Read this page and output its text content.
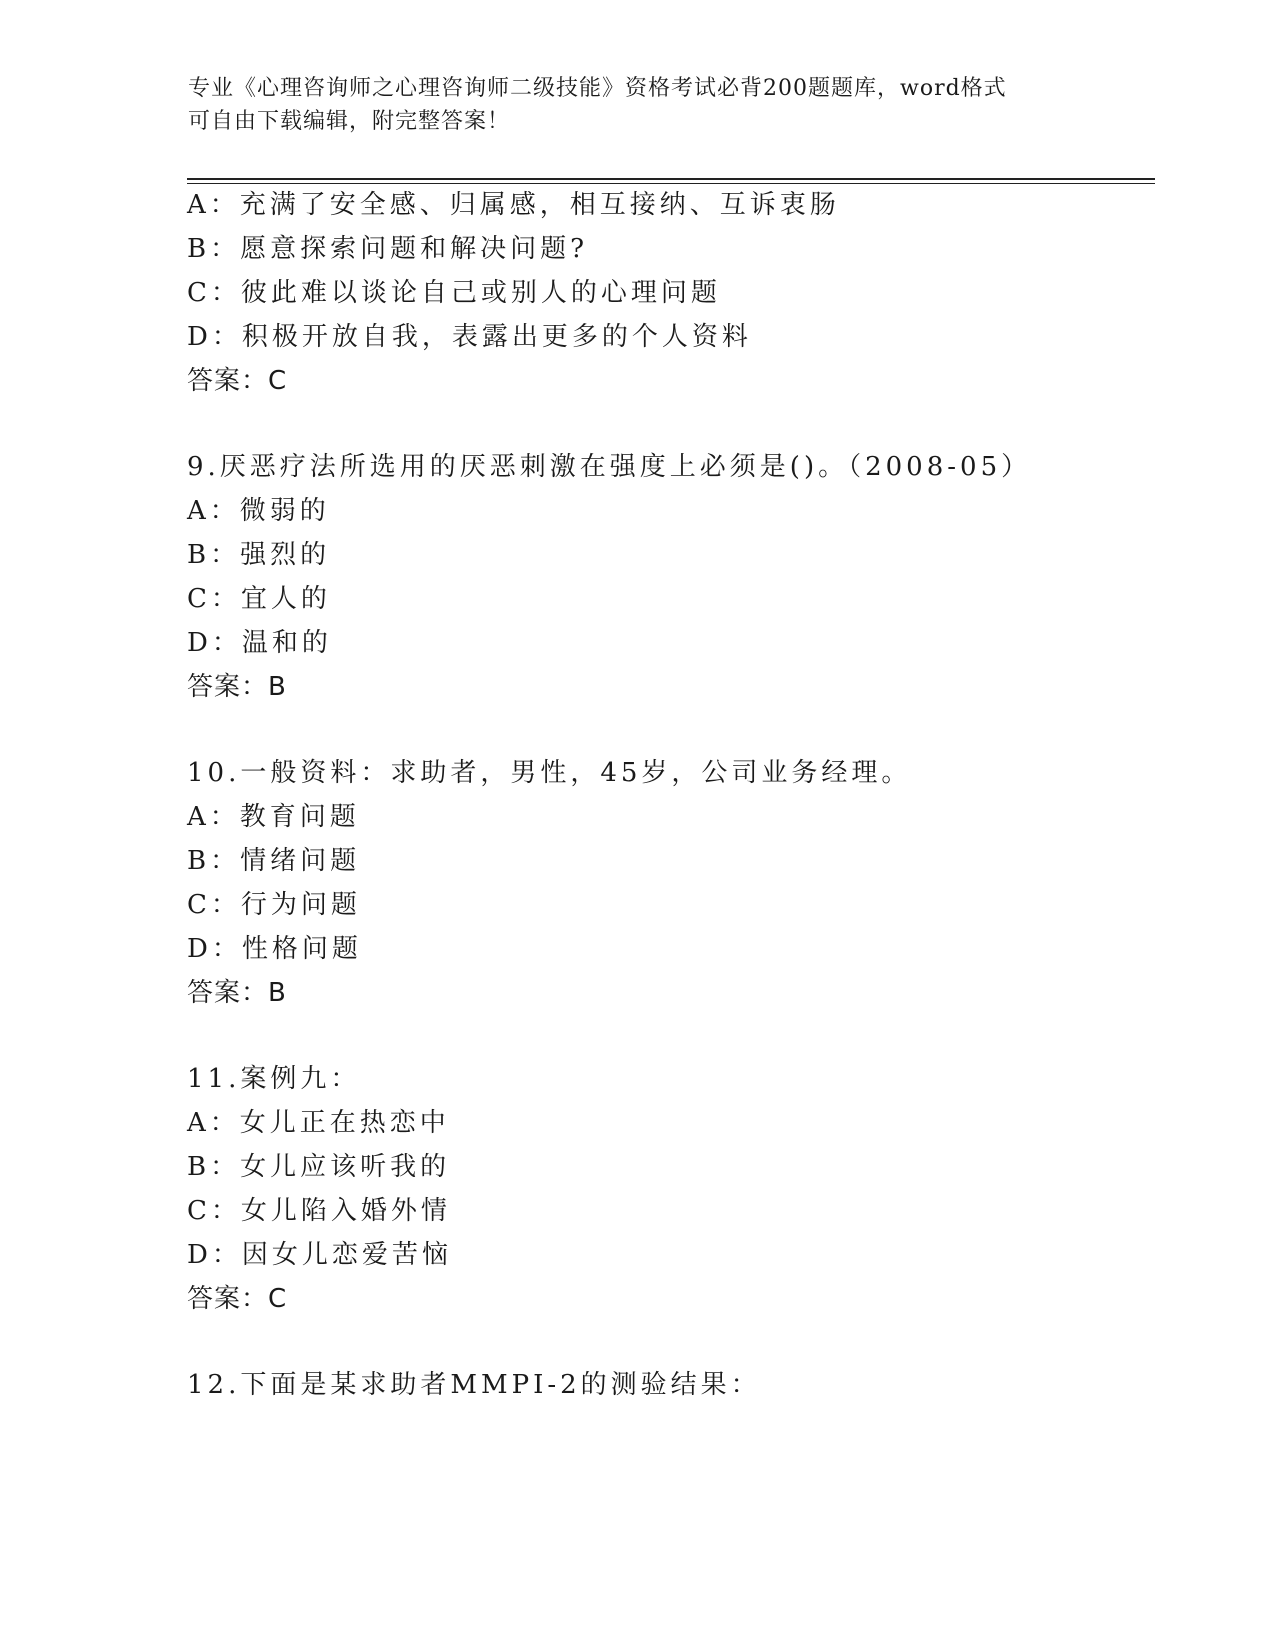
专业《心理咨询师之心理咨询师二级技能》资格考试必背200题题库，word格式
可自由下载编辑，附完整答案！
A：充满了安全感、归属感，相互接纳、互诉衷肠
B：愿意探索问题和解决问题?
C：彼此难以谈论自己或别人的心理问题
D：积极开放自我，表露出更多的个人资料
答案：C
9.厌恶疗法所选用的厌恶刺激在强度上必须是()。（2008-05）
A：微弱的
B：强烈的
C：宜人的
D：温和的
答案：B
10.一般资料：求助者，男性，45岁，公司业务经理。
A：教育问题
B：情绪问题
C：行为问题
D：性格问题
答案：B
11.案例九：
A：女儿正在热恋中
B：女儿应该听我的
C：女儿陷入婚外情
D：因女儿恋爱苦恼
答案：C
12.下面是某求助者MMPI-2的测验结果：
